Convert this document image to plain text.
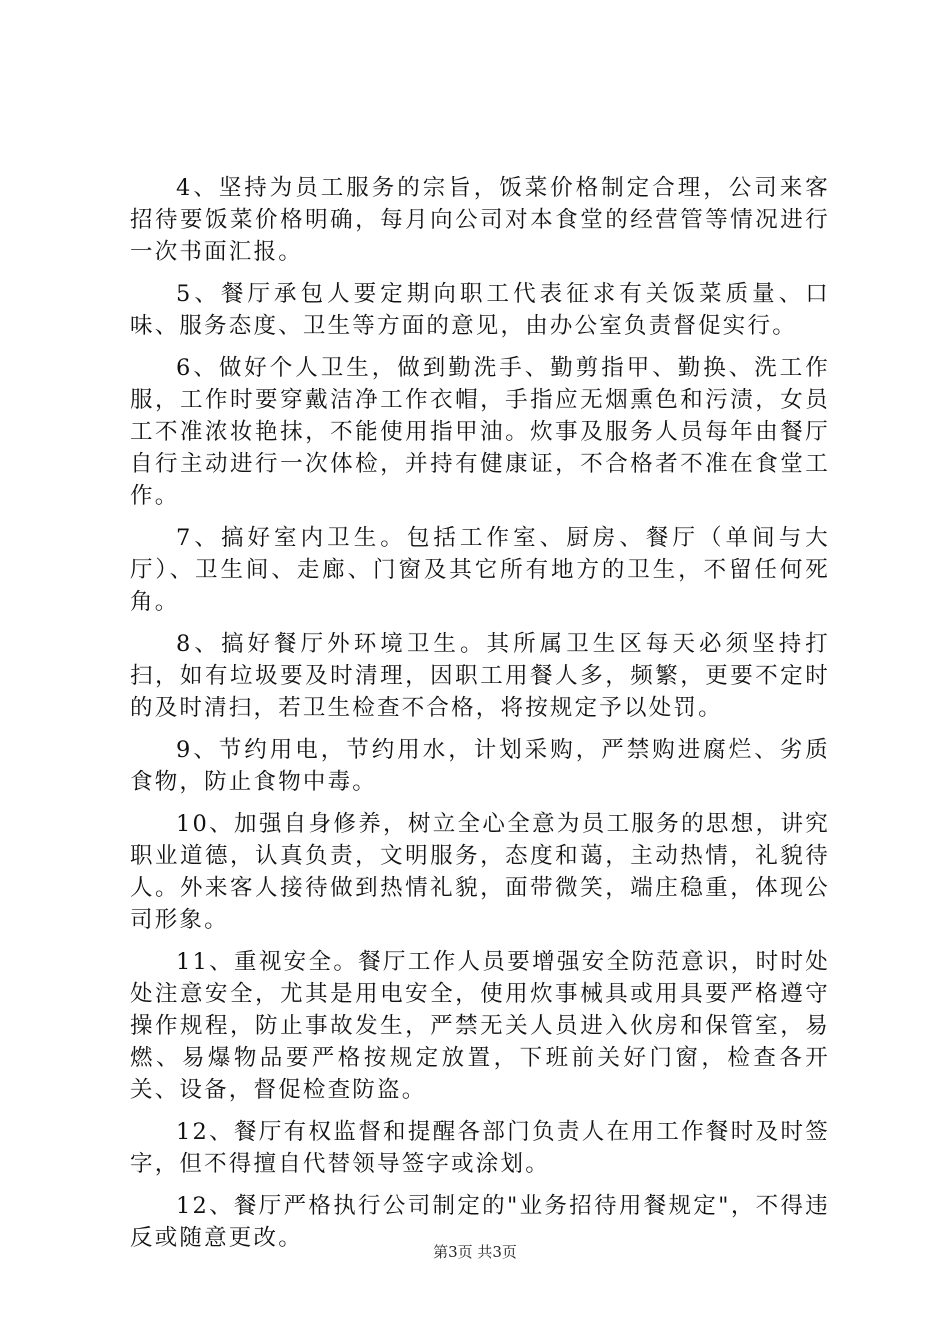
4、坚持为员工服务的宗旨，饭菜价格制定合理，公司来客招待要饭菜价格明确，每月向公司对本食堂的经营管等情况进行一次书面汇报。

5、餐厅承包人要定期向职工代表征求有关饭菜质量、口味、服务态度、卫生等方面的意见，由办公室负责督促实行。

6、做好个人卫生，做到勤洗手、勤剪指甲、勤换、洗工作服，工作时要穿戴洁净工作衣帽，手指应无烟熏色和污渍，女员工不准浓妆艳抹，不能使用指甲油。炊事及服务人员每年由餐厅自行主动进行一次体检，并持有健康证，不合格者不准在食堂工作。

7、搞好室内卫生。包括工作室、厨房、餐厅（单间与大厅）、卫生间、走廊、门窗及其它所有地方的卫生，不留任何死角。

8、搞好餐厅外环境卫生。其所属卫生区每天必须坚持打扫，如有垃圾要及时清理，因职工用餐人多，频繁，更要不定时的及时清扫，若卫生检查不合格，将按规定予以处罚。

9、节约用电，节约用水，计划采购，严禁购进腐烂、劣质食物，防止食物中毒。

10、加强自身修养，树立全心全意为员工服务的思想，讲究职业道德，认真负责，文明服务，态度和蔼，主动热情，礼貌待人。外来客人接待做到热情礼貌，面带微笑，端庄稳重，体现公司形象。

11、重视安全。餐厅工作人员要增强安全防范意识，时时处处注意安全，尤其是用电安全，使用炊事械具或用具要严格遵守操作规程，防止事故发生，严禁无关人员进入伙房和保管室，易燃、易爆物品要严格按规定放置，下班前关好门窗，检查各开关、设备，督促检查防盗。

12、餐厅有权监督和提醒各部门负责人在用工作餐时及时签字，但不得擅自代替领导签字或涂划。

12、餐厅严格执行公司制定的"业务招待用餐规定"，不得违反或随意更改。

第3页 共3页
